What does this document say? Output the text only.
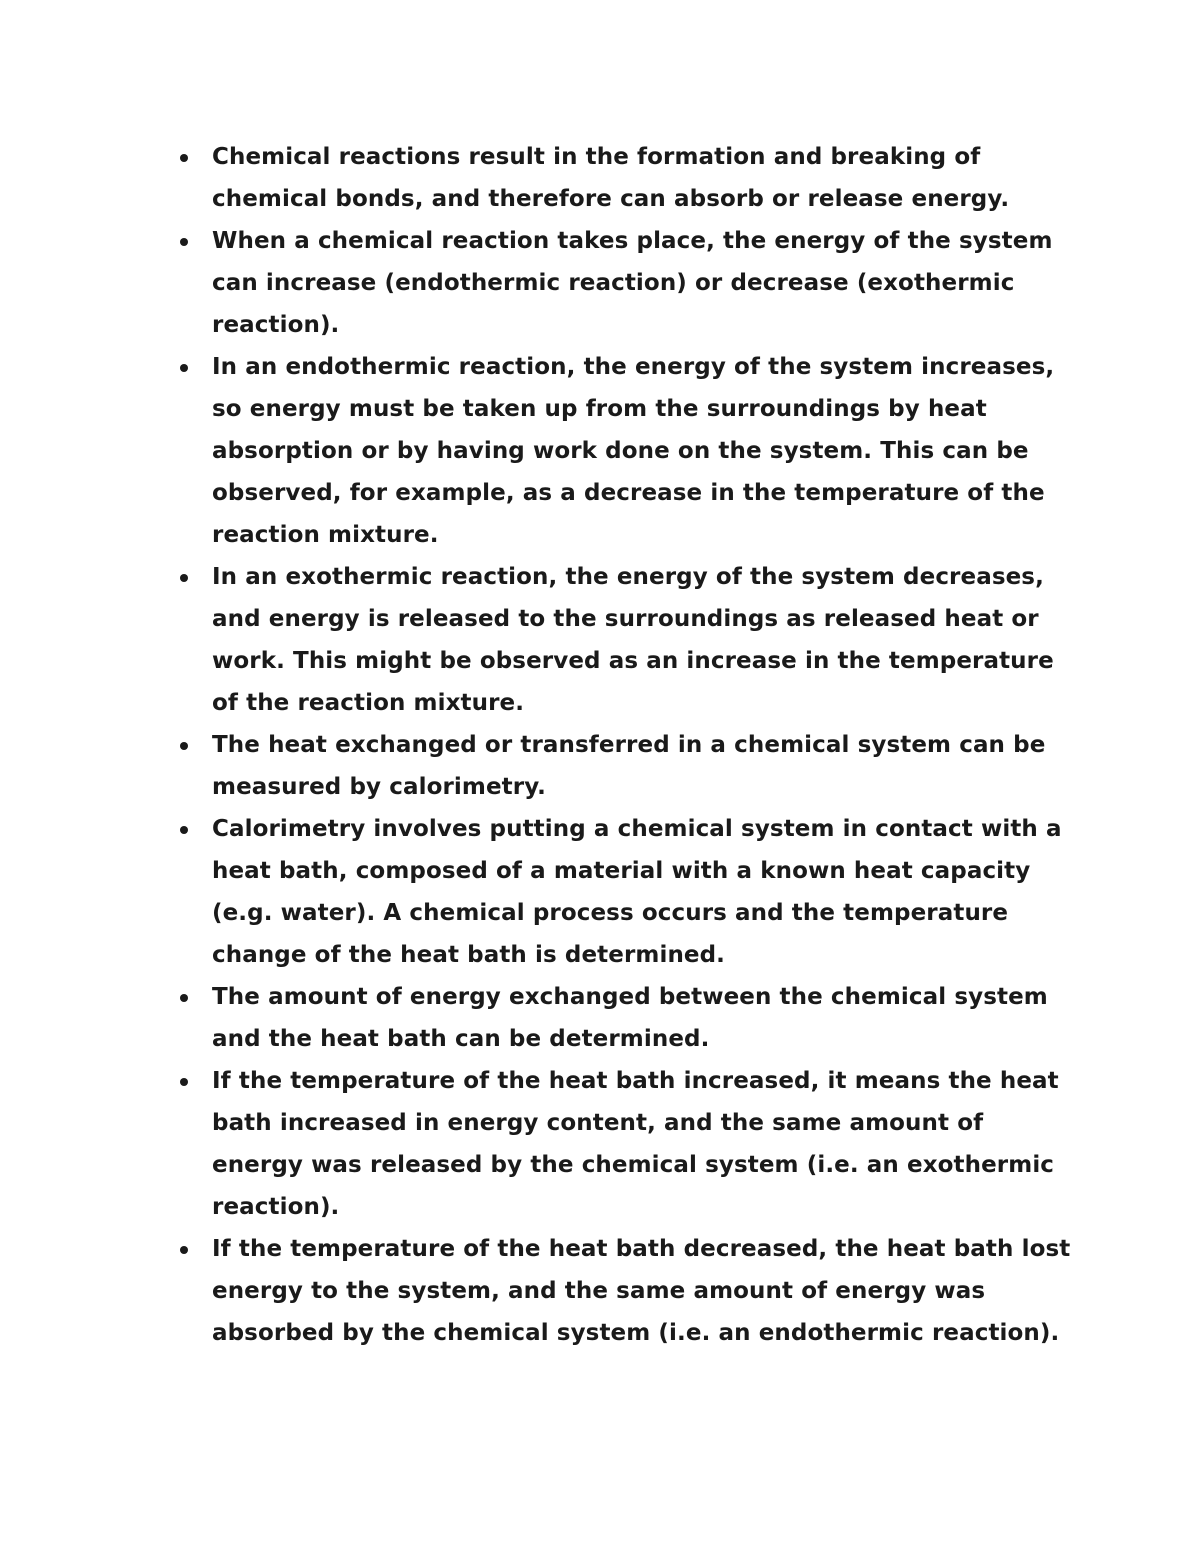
Chemical reactions result in the formation and breaking of chemical bonds, and therefore can absorb or release energy.
When a chemical reaction takes place, the energy of the system can increase (endothermic reaction) or decrease (exothermic reaction).
In an endothermic reaction, the energy of the system increases, so energy must be taken up from the surroundings by heat absorption or by having work done on the system. This can be observed, for example, as a decrease in the temperature of the reaction mixture.
In an exothermic reaction, the energy of the system decreases, and energy is released to the surroundings as released heat or work. This might be observed as an increase in the temperature of the reaction mixture.
The heat exchanged or transferred in a chemical system can be measured by calorimetry.
Calorimetry involves putting a chemical system in contact with a heat bath, composed of a material with a known heat capacity (e.g. water). A chemical process occurs and the temperature change of the heat bath is determined.
The amount of energy exchanged between the chemical system and the heat bath can be determined.
If the temperature of the heat bath increased, it means the heat bath increased in energy content, and the same amount of energy was released by the chemical system (i.e. an exothermic reaction).
If the temperature of the heat bath decreased, the heat bath lost energy to the system, and the same amount of energy was absorbed by the chemical system (i.e. an endothermic reaction).
